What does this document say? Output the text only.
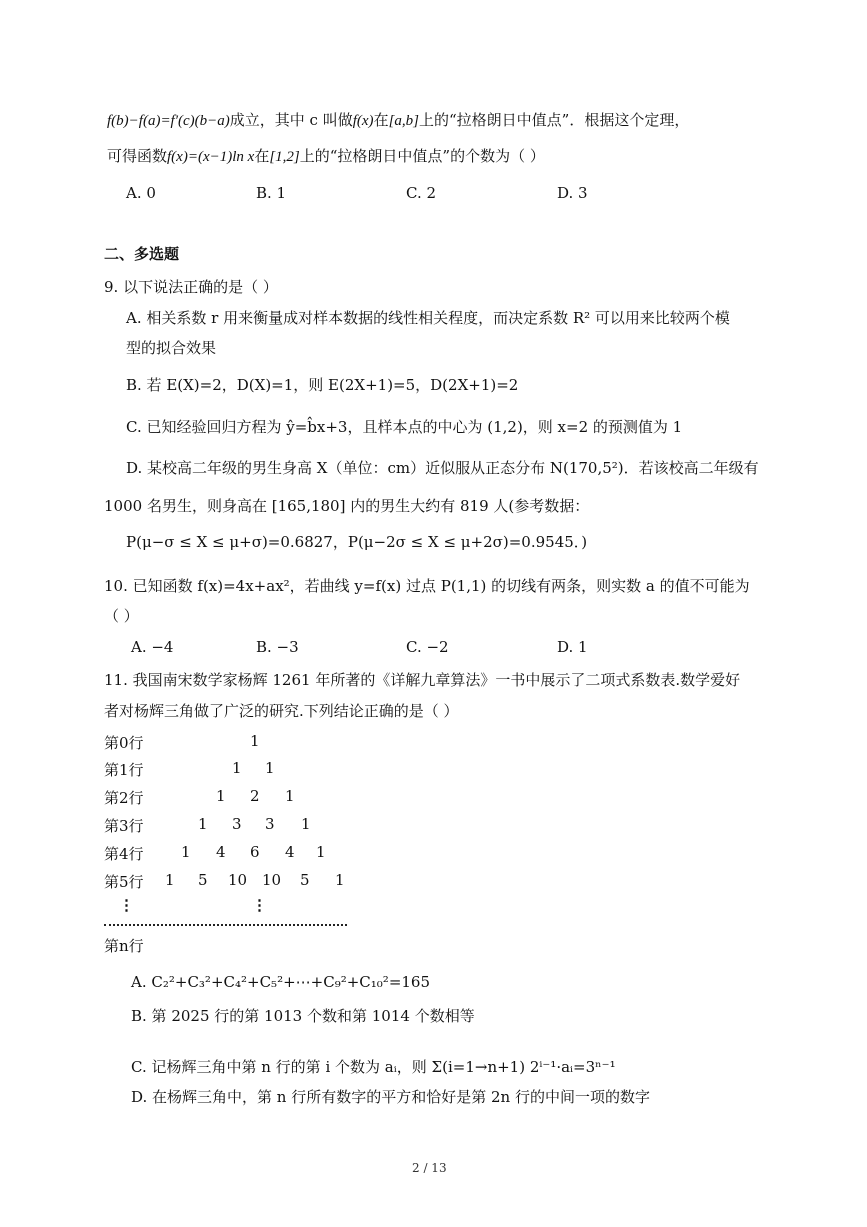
f(b)−f(a)=f′(c)(b−a)成立，其中 c 叫做f(x)在[a,b]上的“拉格朗日中值点”．根据这个定理，
可得函数f(x)=(x−1)ln x在[1,2]上的“拉格朗日中值点”的个数为（ ）
A. 0	B. 1	C. 2	D. 3
二、多选题
9. 以下说法正确的是（ ）
A. 相关系数 r 用来衡量成对样本数据的线性相关程度，而决定系数 R² 可以用来比较两个模
型的拟合效果
B. 若 E(X)=2，D(X)=1，则 E(2X+1)=5，D(2X+1)=2
C. 已知经验回归方程为 ŷ=b̂x+3，且样本点的中心为 (1,2)，则 x=2 的预测值为 1
D. 某校高二年级的男生身高 X（单位：cm）近似服从正态分布 N(170,5²)．若该校高二年级有
1000 名男生，则身高在 [165,180] 内的男生大约有 819 人(参考数据：
P(μ−σ ≤ X ≤ μ+σ)=0.6827，P(μ−2σ ≤ X ≤ μ+2σ)=0.9545．)
10. 已知函数 f(x)=4x+ax²，若曲线 y=f(x) 过点 P(1,1) 的切线有两条，则实数 a 的值不可能为
（ ）
A. −4	B. −3	C. −2	D. 1
11. 我国南宋数学家杨辉 1261 年所著的《详解九章算法》一书中展示了二项式系数表.数学爱好
者对杨辉三角做了广泛的研究.下列结论正确的是（ ）
第0行
第1行
第2行
第3行
第4行
第5行
1
1 1
1 2 1
1 3 3 1
1 4 6 4 1
1 5 10 10 5 1
⋮	⋮
第n行
A. C₂²+C₃²+C₄²+C₅²+⋯+C₉²+C₁₀²=165
B. 第 2025 行的第 1013 个数和第 1014 个数相等
C. 记杨辉三角中第 n 行的第 i 个数为 aᵢ，则 Σ(i=1→n+1) 2ⁱ⁻¹·aᵢ=3ⁿ⁻¹
D. 在杨辉三角中，第 n 行所有数字的平方和恰好是第 2n 行的中间一项的数字
2 / 13
